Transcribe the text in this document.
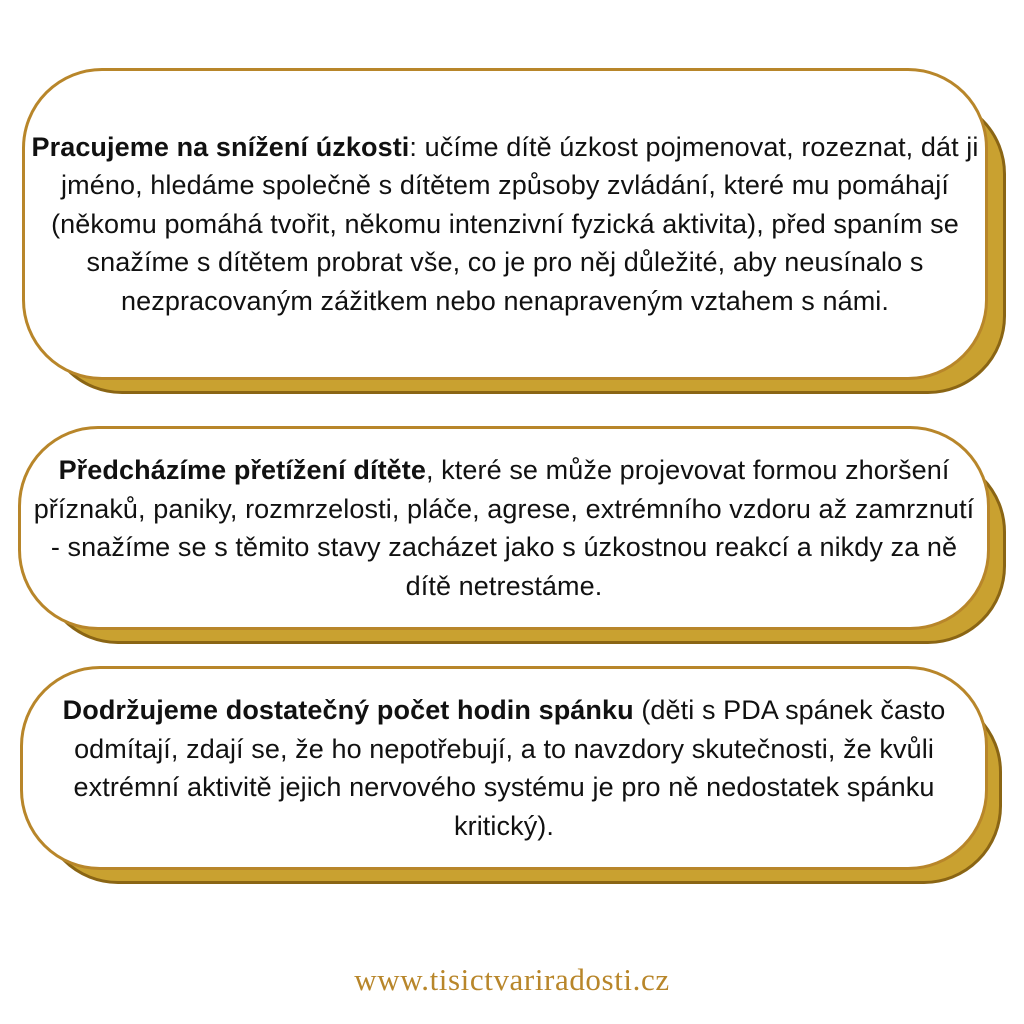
Pracujeme na snížení úzkosti: učíme dítě úzkost pojmenovat, rozeznat, dát ji jméno, hledáme společně s dítětem způsoby zvládání, které mu pomáhají (někomu pomáhá tvořit, někomu intenzivní fyzická aktivita), před spaním se snažíme s dítětem probrat vše, co je pro něj důležité, aby neusínalo s nezpracovaným zážitkem nebo nenapraveným vztahem s námi.

Předcházíme přetížení dítěte, které se může projevovat formou zhoršení příznaků, paniky, rozmrzelosti, pláče, agrese, extrémního vzdoru až zamrznutí - snažíme se s těmito stavy zacházet jako s úzkostnou reakcí a nikdy za ně dítě netrestáme.

Dodržujeme dostatečný počet hodin spánku (děti s PDA spánek často odmítají, zdají se, že ho nepotřebují, a to navzdory skutečnosti, že kvůli extrémní aktivitě jejich nervového systému je pro ně nedostatek spánku kritický).

www.tisictvariradosti.cz
